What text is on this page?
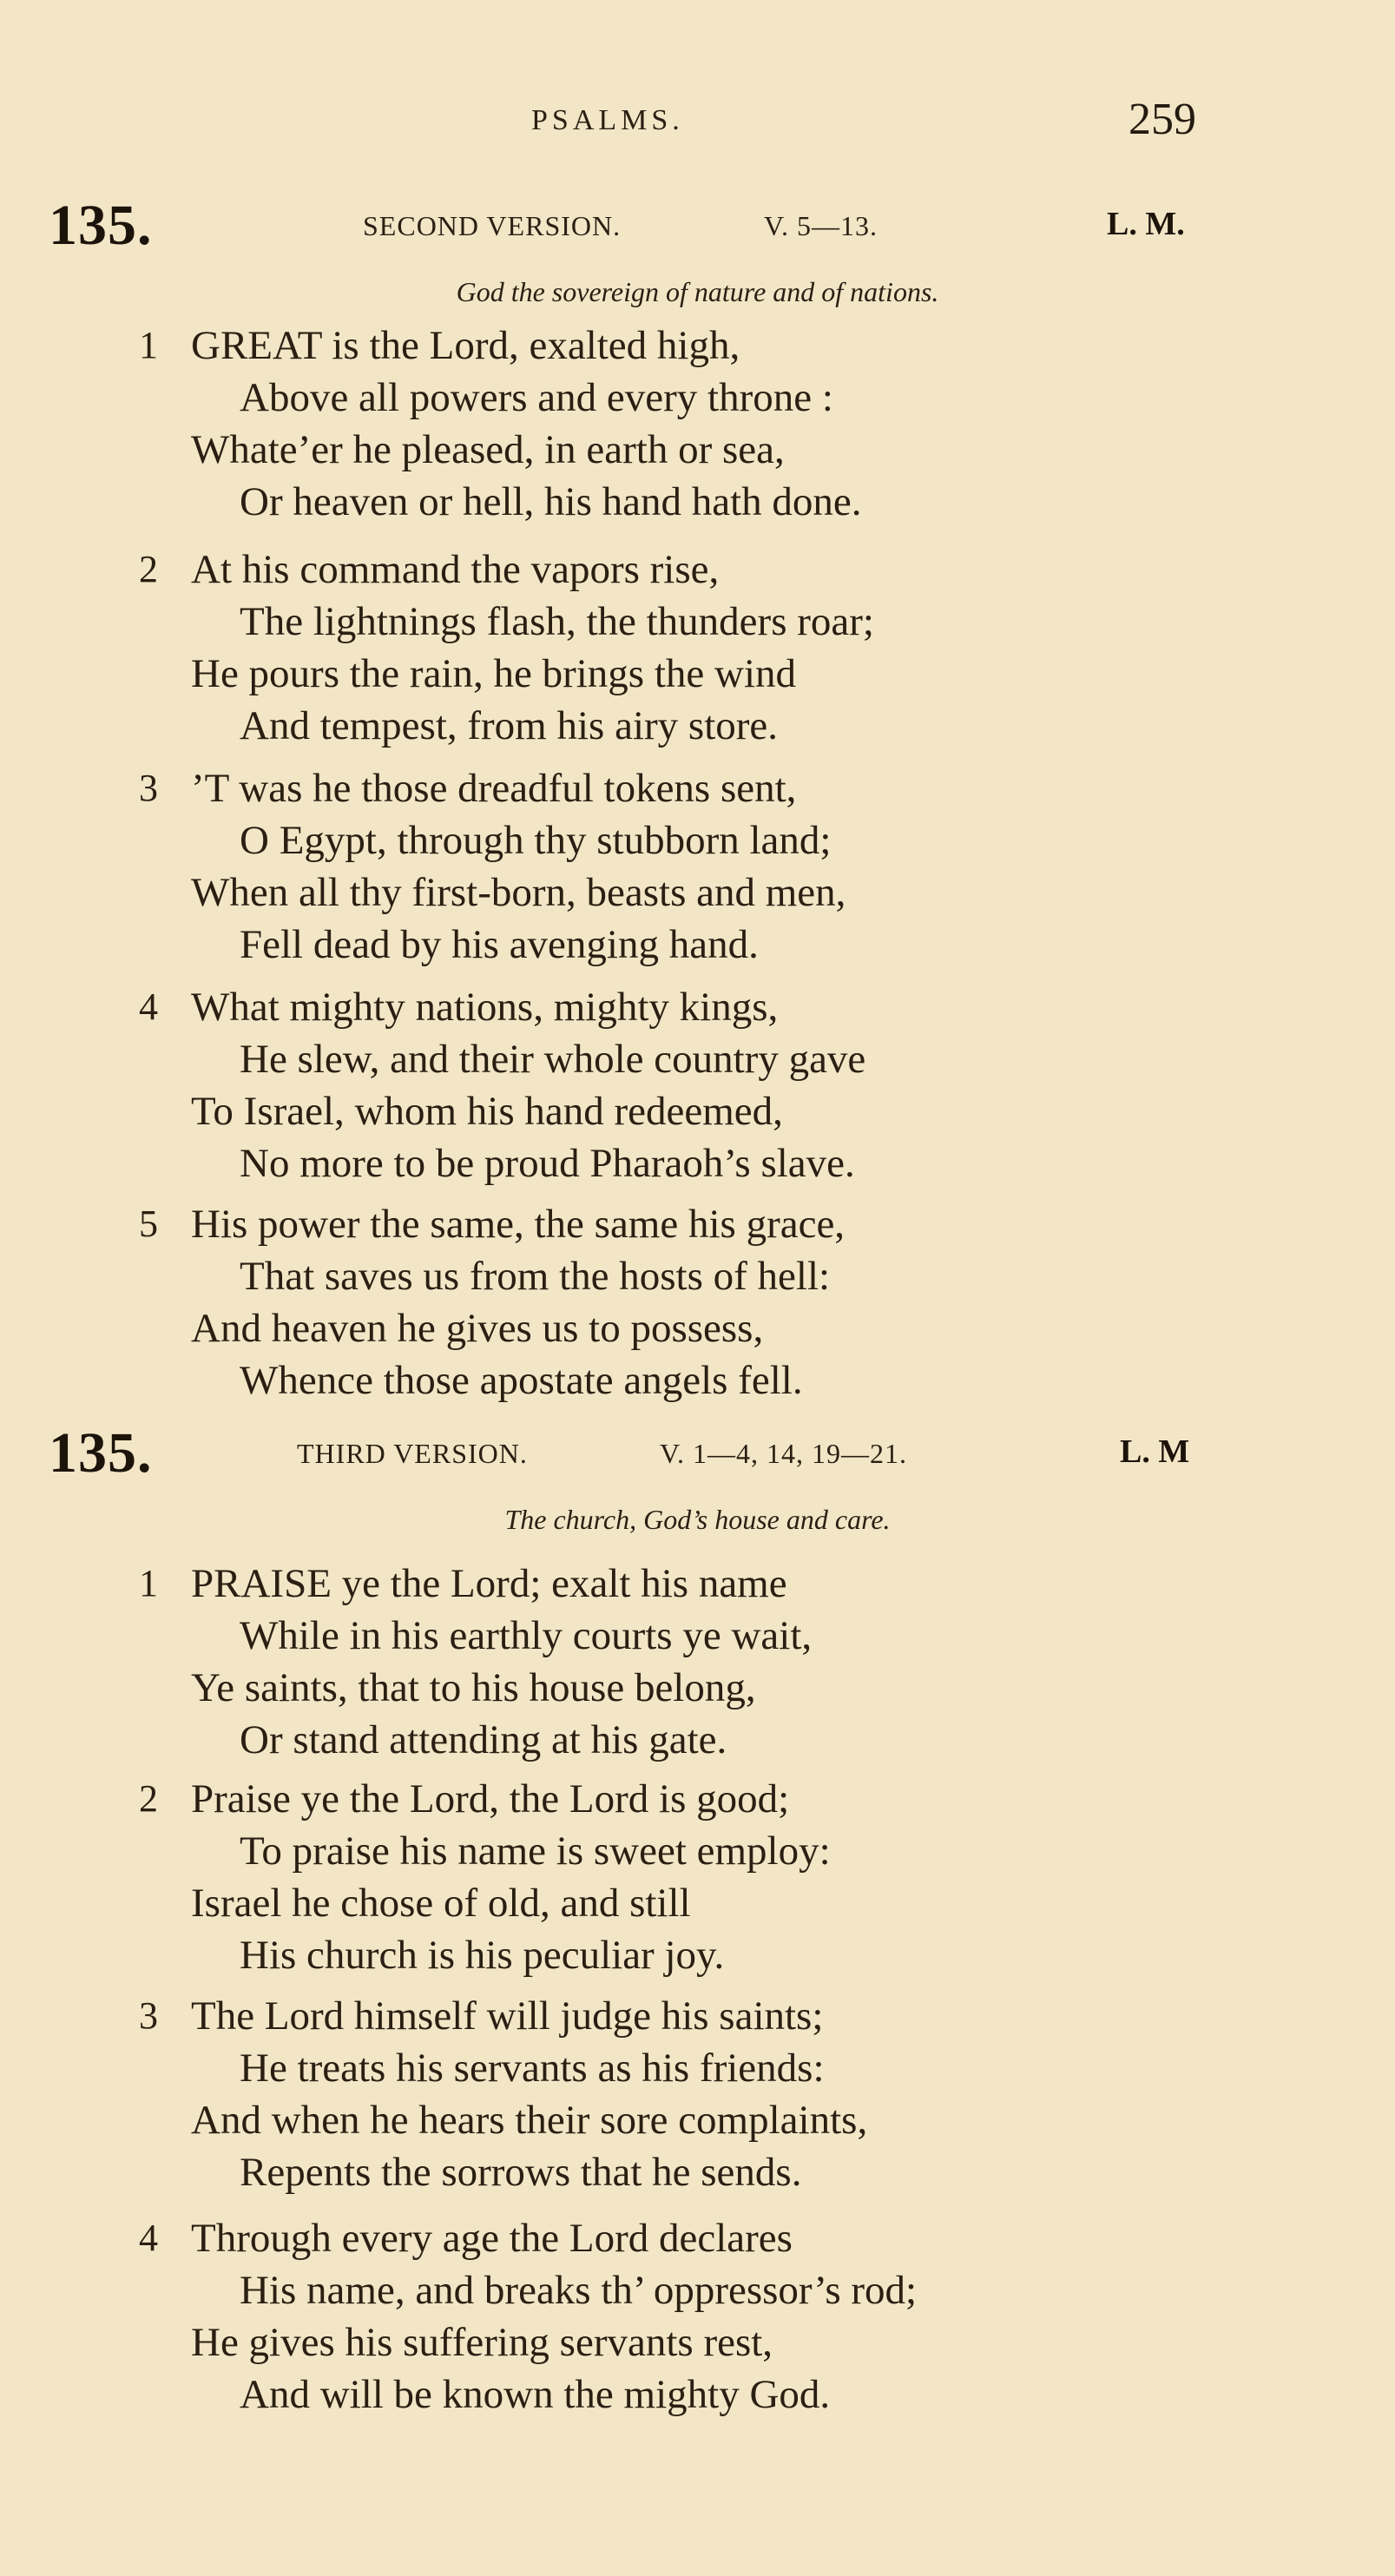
PSALMS.	259
135.	SECOND VERSION.	V. 5—13.	L. M.
God the sovereign of nature and of nations.
1 GREAT is the Lord, exalted high,
Above all powers and every throne :
Whate’er he pleased, in earth or sea,
Or heaven or hell, his hand hath done.
2 At his command the vapors rise,
The lightnings flash, the thunders roar;
He pours the rain, he brings the wind
And tempest, from his airy store.
3 ’T was he those dreadful tokens sent,
O Egypt, through thy stubborn land;
When all thy first-born, beasts and men,
Fell dead by his avenging hand.
4 What mighty nations, mighty kings,
He slew, and their whole country gave
To Israel, whom his hand redeemed,
No more to be proud Pharaoh’s slave.
5 His power the same, the same his grace,
That saves us from the hosts of hell:
And heaven he gives us to possess,
Whence those apostate angels fell.
135.	THIRD VERSION.	V. 1—4, 14, 19—21.	L. M
The church, God’s house and care.
1 PRAISE ye the Lord; exalt his name
While in his earthly courts ye wait,
Ye saints, that to his house belong,
Or stand attending at his gate.
2 Praise ye the Lord, the Lord is good;
To praise his name is sweet employ:
Israel he chose of old, and still
His church is his peculiar joy.
3 The Lord himself will judge his saints;
He treats his servants as his friends:
And when he hears their sore complaints,
Repents the sorrows that he sends.
4 Through every age the Lord declares
His name, and breaks th’ oppressor’s rod;
He gives his suffering servants rest,
And will be known the mighty God.
